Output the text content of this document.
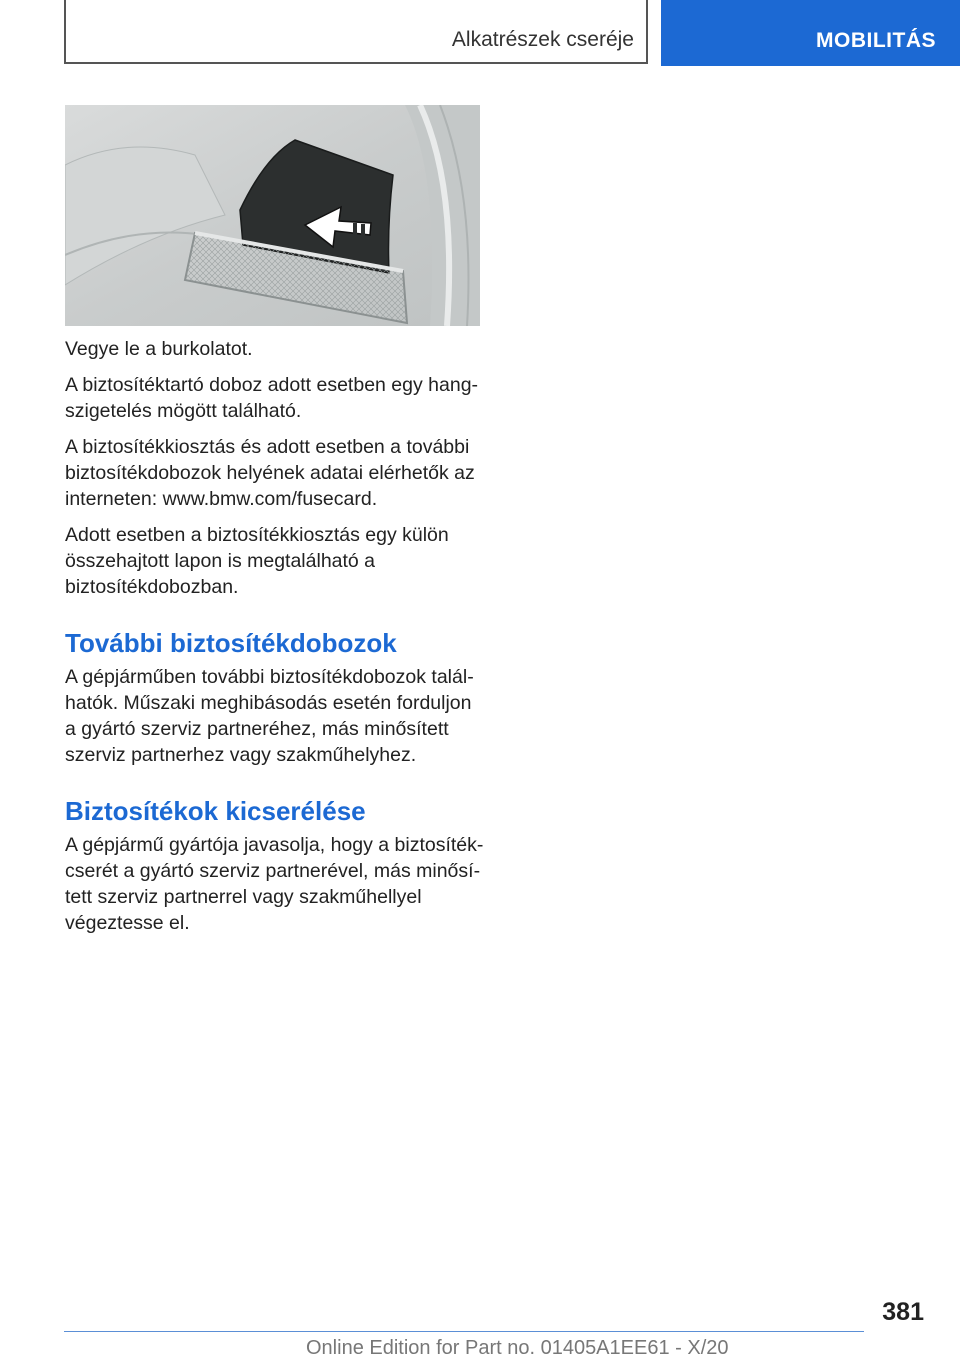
Alkatrészek cseréje	MOBILITÁS

Vegye le a burkolatot.

A biztosítéktartó doboz adott esetben egy hangszigetelés mögött található.

A biztosítékkiosztás és adott esetben a további biztosítékdobozok helyének adatai elérhetők az interneten: www.bmw.com/fusecard.

Adott esetben a biztosítékkiosztás egy külön összehajtott lapon is megtalálható a biztosítékdobozban.

További biztosítékdobozok

A gépjárműben további biztosítékdobozok találhatók. Műszaki meghibásodás esetén forduljon a gyártó szerviz partneréhez, más minősített szerviz partnerhez vagy szakműhelyhez.

Biztosítékok kicserélése

A gépjármű gyártója javasolja, hogy a biztosítékcserét a gyártó szerviz partnerével, más minősített szerviz partnerrel vagy szakműhellyel végeztesse el.

381
Online Edition for Part no. 01405A1EE61 - X/20
